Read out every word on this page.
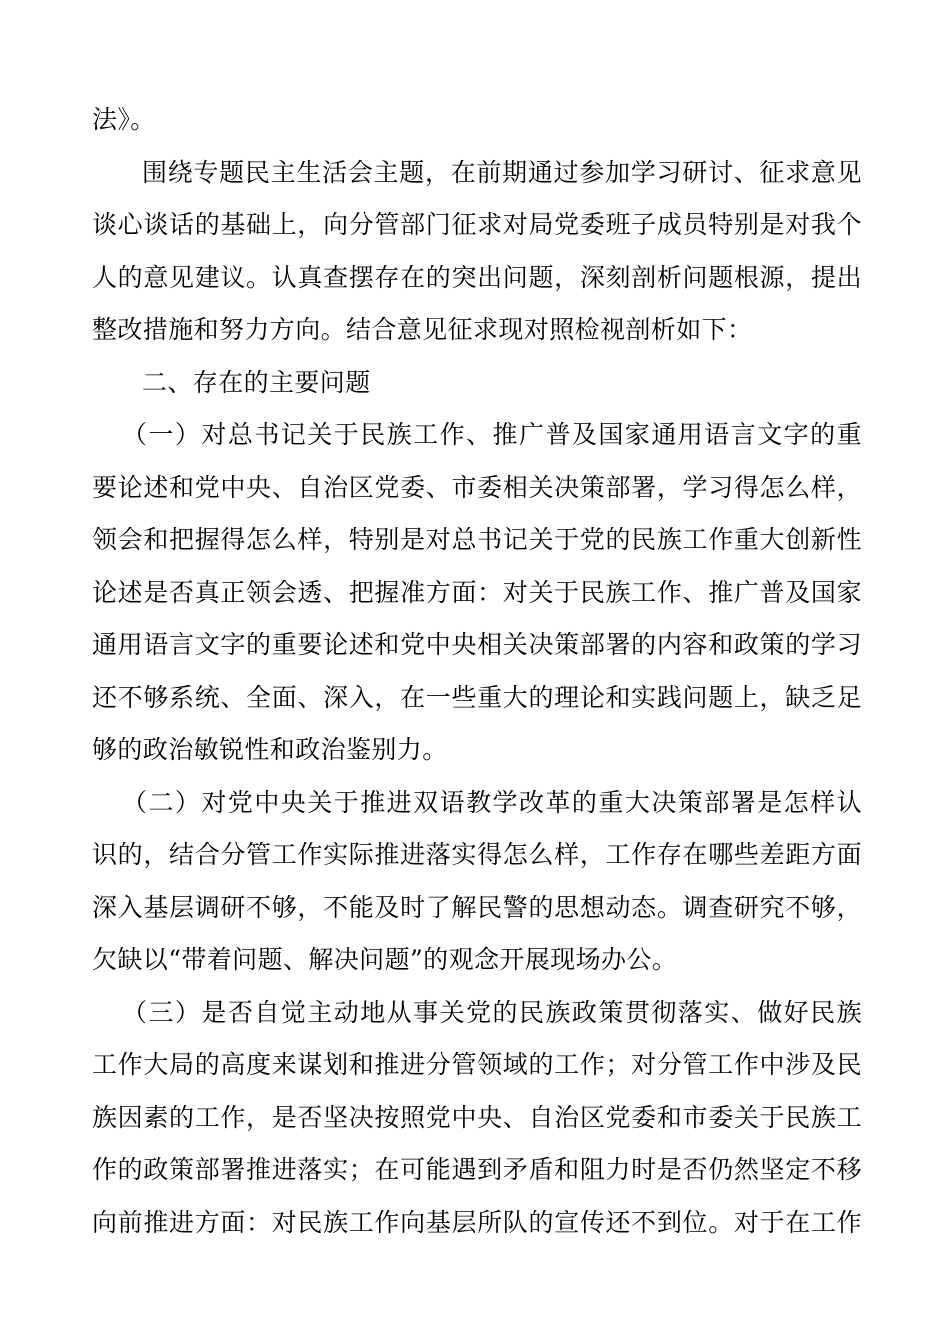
法》。
围绕专题民主生活会主题，在前期通过参加学习研讨、征求意见
谈心谈话的基础上，向分管部门征求对局党委班子成员特别是对我个
人的意见建议。认真查摆存在的突出问题，深刻剖析问题根源，提出
整改措施和努力方向。结合意见征求现对照检视剖析如下：
二、存在的主要问题
（一）对总书记关于民族工作、推广普及国家通用语言文字的重
要论述和党中央、自治区党委、市委相关决策部署，学习得怎么样，
领会和把握得怎么样，特别是对总书记关于党的民族工作重大创新性
论述是否真正领会透、把握准方面：对关于民族工作、推广普及国家
通用语言文字的重要论述和党中央相关决策部署的内容和政策的学习
还不够系统、全面、深入，在一些重大的理论和实践问题上，缺乏足
够的政治敏锐性和政治鉴别力。
（二）对党中央关于推进双语教学改革的重大决策部署是怎样认
识的，结合分管工作实际推进落实得怎么样，工作存在哪些差距方面
深入基层调研不够，不能及时了解民警的思想动态。调查研究不够，
欠缺以“带着问题、解决问题”的观念开展现场办公。
（三）是否自觉主动地从事关党的民族政策贯彻落实、做好民族
工作大局的高度来谋划和推进分管领域的工作；对分管工作中涉及民
族因素的工作，是否坚决按照党中央、自治区党委和市委关于民族工
作的政策部署推进落实；在可能遇到矛盾和阻力时是否仍然坚定不移
向前推进方面：对民族工作向基层所队的宣传还不到位。对于在工作
